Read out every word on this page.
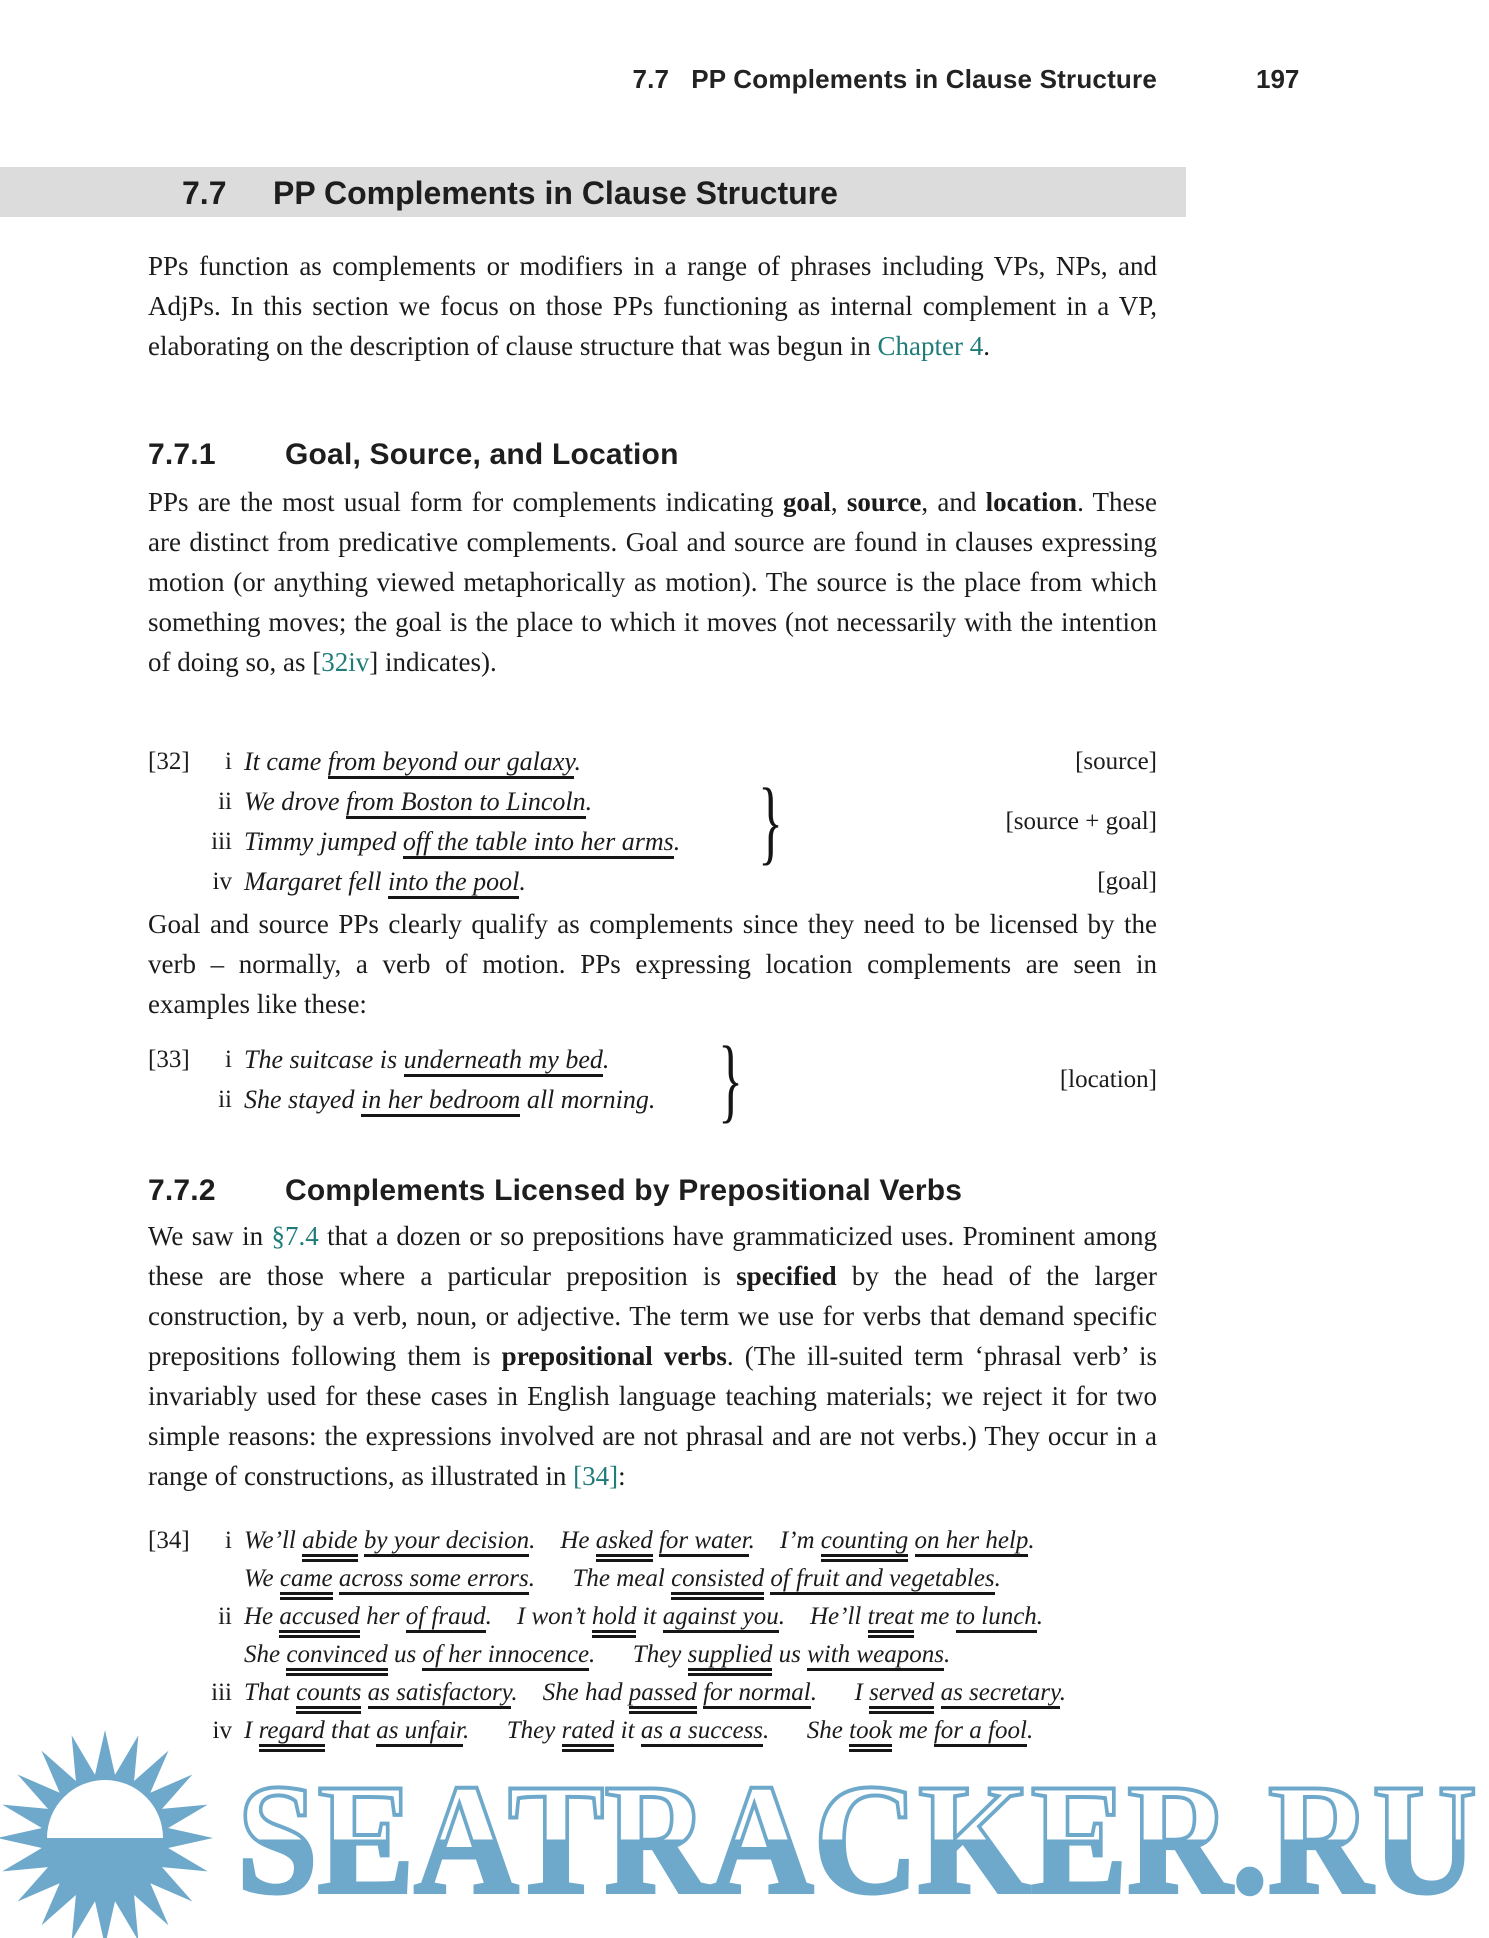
7.7 PP Complements in Clause Structure	197
7.7 PP Complements in Clause Structure

PPs function as complements or modifiers in a range of phrases including VPs, NPs, and AdjPs. In this section we focus on those PPs functioning as internal complement in a VP, elaborating on the description of clause structure that was begun in Chapter 4.

7.7.1 Goal, Source, and Location

PPs are the most usual form for complements indicating goal, source, and location. These are distinct from predicative complements. Goal and source are found in clauses expressing motion (or anything viewed metaphorically as motion). The source is the place from which something moves; the goal is the place to which it moves (not necessarily with the intention of doing so, as [32iv] indicates).

[32]	i It came from beyond our galaxy.	[source]
ii We drove from Boston to Lincoln.
iii Timmy jumped off the table into her arms. }	[source + goal]
iv Margaret fell into the pool.	[goal]

Goal and source PPs clearly qualify as complements since they need to be licensed by the verb – normally, a verb of motion. PPs expressing location complements are seen in examples like these:

[33]	i The suitcase is underneath my bed.
ii She stayed in her bedroom all morning. }	[location]
7.7.2 Complements Licensed by Prepositional Verbs

We saw in §7.4 that a dozen or so prepositions have grammaticized uses. Prominent among these are those where a particular preposition is specified by the head of the larger construction, by a verb, noun, or adjective. The term we use for verbs that demand specific prepositions following them is prepositional verbs. (The ill-suited term ‘phrasal verb’ is invariably used for these cases in English language teaching materials; we reject it for two simple reasons: the expressions involved are not phrasal and are not verbs.) They occur in a range of constructions, as illustrated in [34]:

[34]	i We’ll abide by your decision.  He asked for water.  I’m counting on her help.
We came across some errors.   The meal consisted of fruit and vegetables.
ii He accused her of fraud.  I won’t hold it against you.  He’ll treat me to lunch.
She convinced us of her innocence.   They supplied us with weapons.
iii That counts as satisfactory.  She had passed for normal.   I served as secretary.
iv I regard that as unfair.   They rated it as a success.   She took me for a fool.
SEATRACKER.RU
